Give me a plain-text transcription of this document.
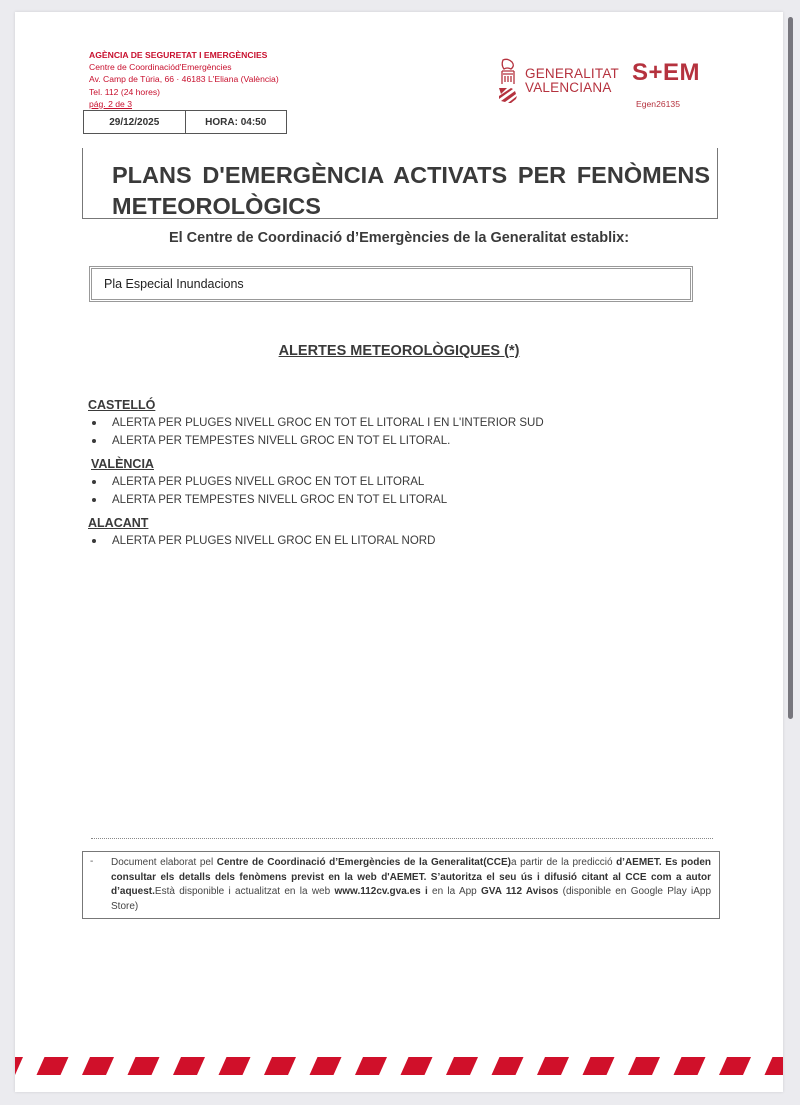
AGÈNCIA DE SEGURETAT I EMERGÈNCIES
Centre de Coordinaciód'Emergències
Av. Camp de Túria, 66 · 46183 L'Eliana (València)
Tel. 112 (24 hores)
pág. 2 de 3
29/12/2025	HORA: 04:50
GENERALITAT
VALENCIANA
S+EM
Egen26135
PLANS D'EMERGÈNCIA ACTIVATS PER FENÒMENS METEOROLÒGICS
El Centre de Coordinació d’Emergències de la Generalitat establix:
Pla Especial Inundacions
ALERTES METEOROLÒGIQUES (*)
CASTELLÓ
ALERTA PER PLUGES NIVELL GROC EN TOT EL LITORAL I EN L'INTERIOR SUD
ALERTA PER TEMPESTES NIVELL GROC EN TOT EL LITORAL.
VALÈNCIA
ALERTA PER PLUGES NIVELL GROC EN TOT EL LITORAL
ALERTA PER TEMPESTES NIVELL GROC EN TOT EL LITORAL
ALACANT
ALERTA PER PLUGES NIVELL GROC EN EL LITORAL NORD
- Document elaborat pel Centre de Coordinació d’Emergències de la Generalitat(CCE)a partir de la predicció d’AEMET. Es poden consultar els detalls dels fenòmens previst en la web d'AEMET. S’autoritza el seu ús i difusió citant al CCE com a autor d’aquest.Està disponible i actualitzat en la web www.112cv.gva.es i en la App GVA 112 Avisos (disponible en Google Play iApp Store)
